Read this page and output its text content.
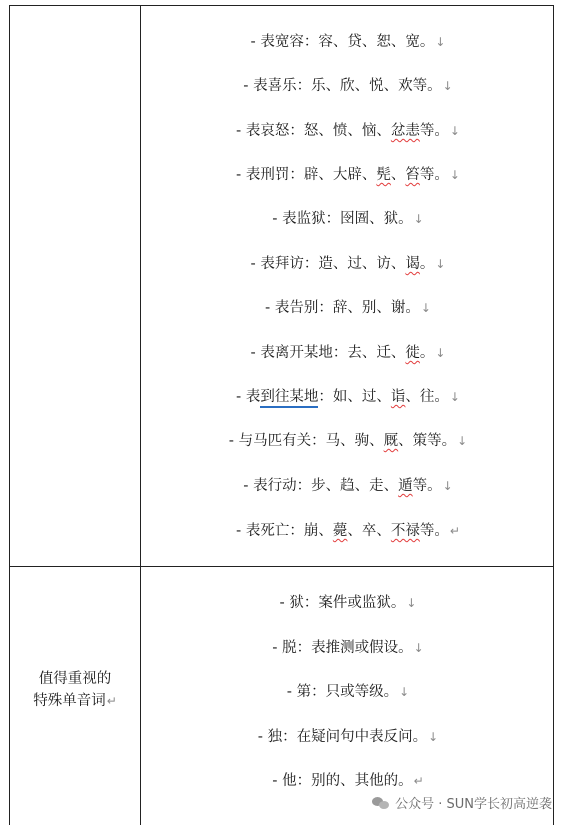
- 表宽容：容、贷、恕、宽。↓
- 表喜乐：乐、欣、悦、欢等。↓
- 表哀怒：怒、愤、恼、忿恚等。↓
- 表刑罚：辟、大辟、髡、笞等。↓
- 表监狱：囹圄、狱。↓
- 表拜访：造、过、访、谒。↓
- 表告别：辞、别、谢。↓
- 表离开某地：去、迁、徙。↓
- 表到往某地：如、过、诣、往。↓
- 与马匹有关：马、驹、厩、策等。↓
- 表行动：步、趋、走、遁等。↓
- 表死亡：崩、薨、卒、不禄等。↵
值得重视的
特殊单音词↵
- 狱：案件或监狱。↓
- 脱：表推测或假设。↓
- 第：只或等级。↓
- 独：在疑问句中表反问。↓
- 他：别的、其他的。↵
公众号 · SUN学长初高逆袭
